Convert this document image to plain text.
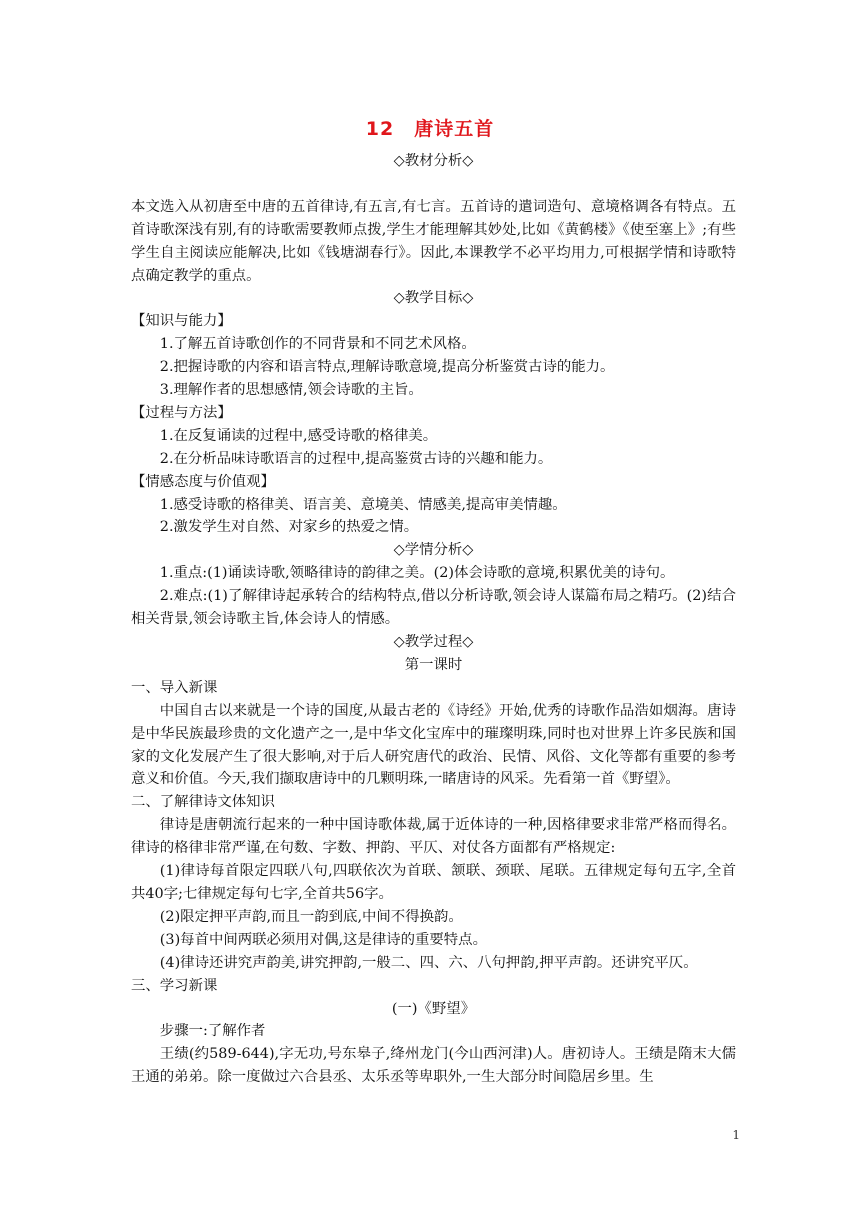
12　唐诗五首

◇教材分析◇

本文选入从初唐至中唐的五首律诗,有五言,有七言。五首诗的遣词造句、意境格调各有特点。五首诗歌深浅有别,有的诗歌需要教师点拨,学生才能理解其妙处,比如《黄鹤楼》《使至塞上》;有些学生自主阅读应能解决,比如《钱塘湖春行》。因此,本课教学不必平均用力,可根据学情和诗歌特点确定教学的重点。

◇教学目标◇

【知识与能力】

1.了解五首诗歌创作的不同背景和不同艺术风格。

2.把握诗歌的内容和语言特点,理解诗歌意境,提高分析鉴赏古诗的能力。

3.理解作者的思想感情,领会诗歌的主旨。

【过程与方法】

1.在反复诵读的过程中,感受诗歌的格律美。

2.在分析品味诗歌语言的过程中,提高鉴赏古诗的兴趣和能力。

【情感态度与价值观】

1.感受诗歌的格律美、语言美、意境美、情感美,提高审美情趣。

2.激发学生对自然、对家乡的热爱之情。

◇学情分析◇

1.重点:(1)诵读诗歌,领略律诗的韵律之美。(2)体会诗歌的意境,积累优美的诗句。

2.难点:(1)了解律诗起承转合的结构特点,借以分析诗歌,领会诗人谋篇布局之精巧。(2)结合相关背景,领会诗歌主旨,体会诗人的情感。

◇教学过程◇

第一课时

一、导入新课

中国自古以来就是一个诗的国度,从最古老的《诗经》开始,优秀的诗歌作品浩如烟海。唐诗是中华民族最珍贵的文化遗产之一,是中华文化宝库中的璀璨明珠,同时也对世界上许多民族和国家的文化发展产生了很大影响,对于后人研究唐代的政治、民情、风俗、文化等都有重要的参考意义和价值。今天,我们撷取唐诗中的几颗明珠,一睹唐诗的风采。先看第一首《野望》。

二、了解律诗文体知识

律诗是唐朝流行起来的一种中国诗歌体裁,属于近体诗的一种,因格律要求非常严格而得名。律诗的格律非常严谨,在句数、字数、押韵、平仄、对仗各方面都有严格规定:

(1)律诗每首限定四联八句,四联依次为首联、颔联、颈联、尾联。五律规定每句五字,全首共40字;七律规定每句七字,全首共56字。

(2)限定押平声韵,而且一韵到底,中间不得换韵。

(3)每首中间两联必须用对偶,这是律诗的重要特点。

(4)律诗还讲究声韵美,讲究押韵,一般二、四、六、八句押韵,押平声韵。还讲究平仄。

三、学习新课

(一)《野望》

步骤一:了解作者

王绩(约589-644),字无功,号东皋子,绛州龙门(今山西河津)人。唐初诗人。王绩是隋末大儒王通的弟弟。除一度做过六合县丞、太乐丞等卑职外,一生大部分时间隐居乡里。生

1
